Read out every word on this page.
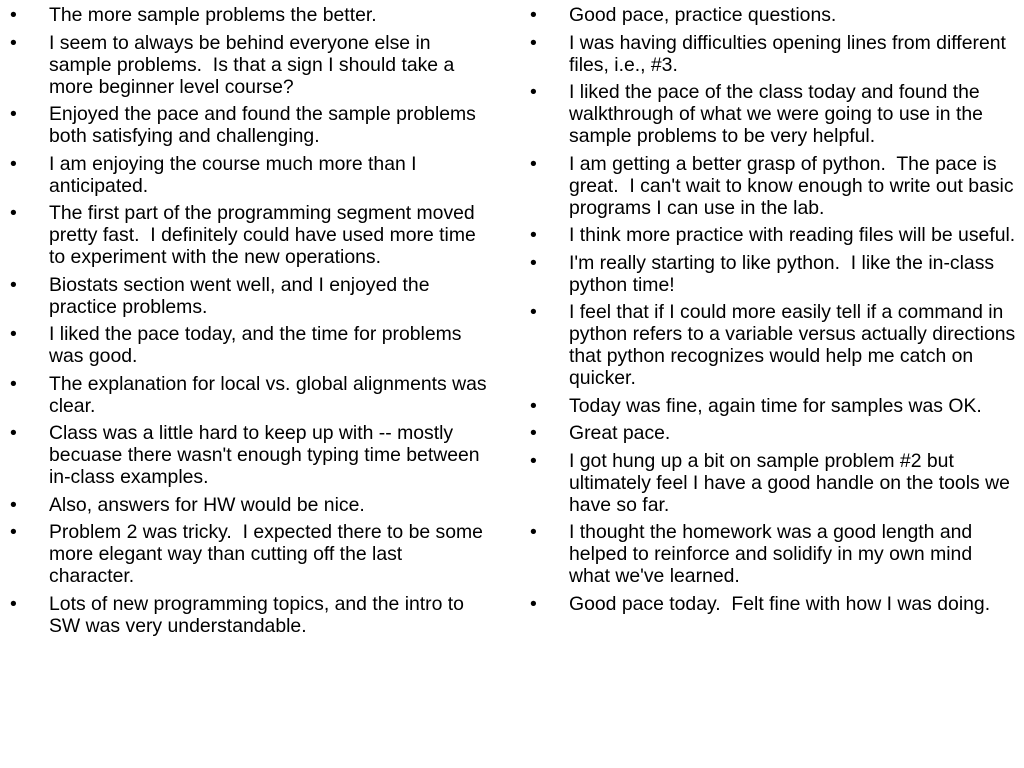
•	The more sample problems the better.
•	I seem to always be behind everyone else in sample problems.  Is that a sign I should take a more beginner level course?
•	Enjoyed the pace and found the sample problems both satisfying and challenging.
•	I am enjoying the course much more than I anticipated.
•	The first part of the programming segment moved pretty fast.  I definitely could have used more time to experiment with the new operations.
•	Biostats section went well, and I enjoyed the practice problems.
•	I liked the pace today, and the time for problems was good.
•	The explanation for local vs. global alignments was clear.
•	Class was a little hard to keep up with -- mostly becuase there wasn't enough typing time between in-class examples.
•	Also, answers for HW would be nice.
•	Problem 2 was tricky.  I expected there to be some more elegant way than cutting off the last character.
•	Lots of new programming topics, and the intro to SW was very understandable.
•	Good pace, practice questions.
•	I was having difficulties opening lines from different files, i.e., #3.
•	I liked the pace of the class today and found the walkthrough of what we were going to use in the sample problems to be very helpful.
•	I am getting a better grasp of python.  The pace is great.  I can't wait to know enough to write out basic programs I can use in the lab.
•	I think more practice with reading files will be useful.
•	I'm really starting to like python.  I like the in-class python time!
•	I feel that if I could more easily tell if a command in python refers to a variable versus actually directions that python recognizes would help me catch on quicker.
•	Today was fine, again time for samples was OK.
•	Great pace.
•	I got hung up a bit on sample problem #2 but ultimately feel I have a good handle on the tools we have so far.
•	I thought the homework was a good length and helped to reinforce and solidify in my own mind what we've learned.
•	Good pace today.  Felt fine with how I was doing.
